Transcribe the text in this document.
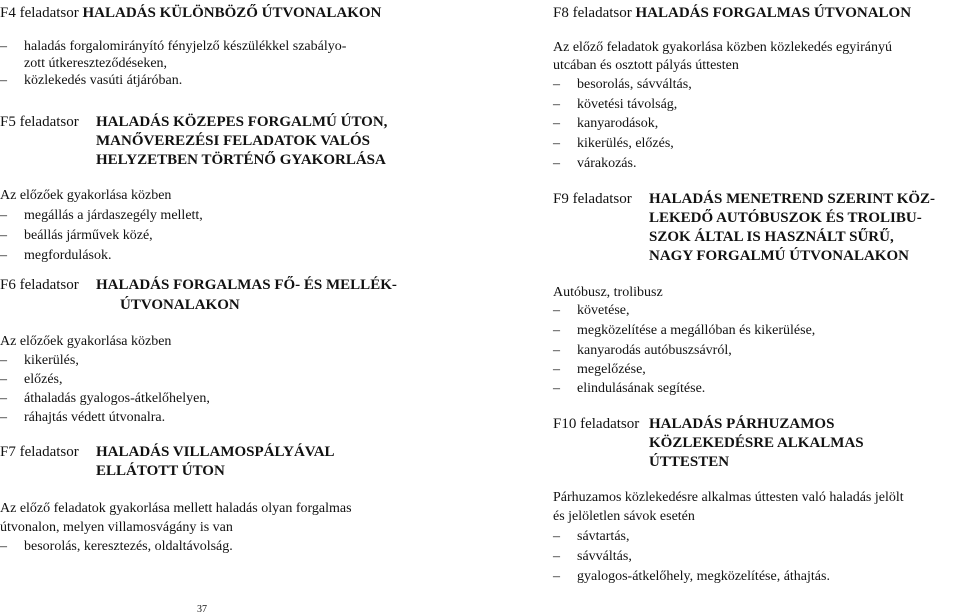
F4 feladatsor HALADÁS KÜLÖNBÖZŐ ÚTVONALAKON
– haladás forgalomirányító fényjelző készülékkel szabályo-
zott útkereszteződéseken,
– közlekedés vasúti átjáróban.
F5 feladatsor HALADÁS KÖZEPES FORGALMÚ ÚTON,
MANŐVEREZÉSI FELADATOK VALÓS
HELYZETBEN TÖRTÉNŐ GYAKORLÁSA
Az előzőek gyakorlása közben
– megállás a járdaszegély mellett,
– beállás járművek közé,
– megfordulások.
F6 feladatsor HALADÁS FORGALMAS FŐ- ÉS MELLÉK-
ÚTVONALAKON
Az előzőek gyakorlása közben
– kikerülés,
– előzés,
– áthaladás gyalogos-átkelőhelyen,
– ráhajtás védett útvonalra.
F7 feladatsor HALADÁS VILLAMOSPÁLYÁVAL
ELLÁTOTT ÚTON
Az előző feladatok gyakorlása mellett haladás olyan forgalmas
útvonalon, melyen villamosvágány is van
– besorolás, keresztezés, oldaltávolság.
37
F8 feladatsor HALADÁS FORGALMAS ÚTVONALON
Az előző feladatok gyakorlása közben közlekedés egyirányú
utcában és osztott pályás úttesten
– besorolás, sávváltás,
– követési távolság,
– kanyarodások,
– kikerülés, előzés,
– várakozás.
F9 feladatsor HALADÁS MENETREND SZERINT KÖZ-
LEKEDŐ AUTÓBUSZOK ÉS TROLIBU-
SZOK ÁLTAL IS HASZNÁLT SŰRŰ,
NAGY FORGALMÚ ÚTVONALAKON
Autóbusz, trolibusz
– követése,
– megközelítése a megállóban és kikerülése,
– kanyarodás autóbuszsávról,
– megelőzése,
– elindulásának segítése.
F10 feladatsor HALADÁS PÁRHUZAMOS
KÖZLEKEDÉSRE ALKALMAS
ÚTTESTEN
Párhuzamos közlekedésre alkalmas úttesten való haladás jelölt
és jelöletlen sávok esetén
– sávtartás,
– sávváltás,
– gyalogos-átkelőhely, megközelítése, áthajtás.
